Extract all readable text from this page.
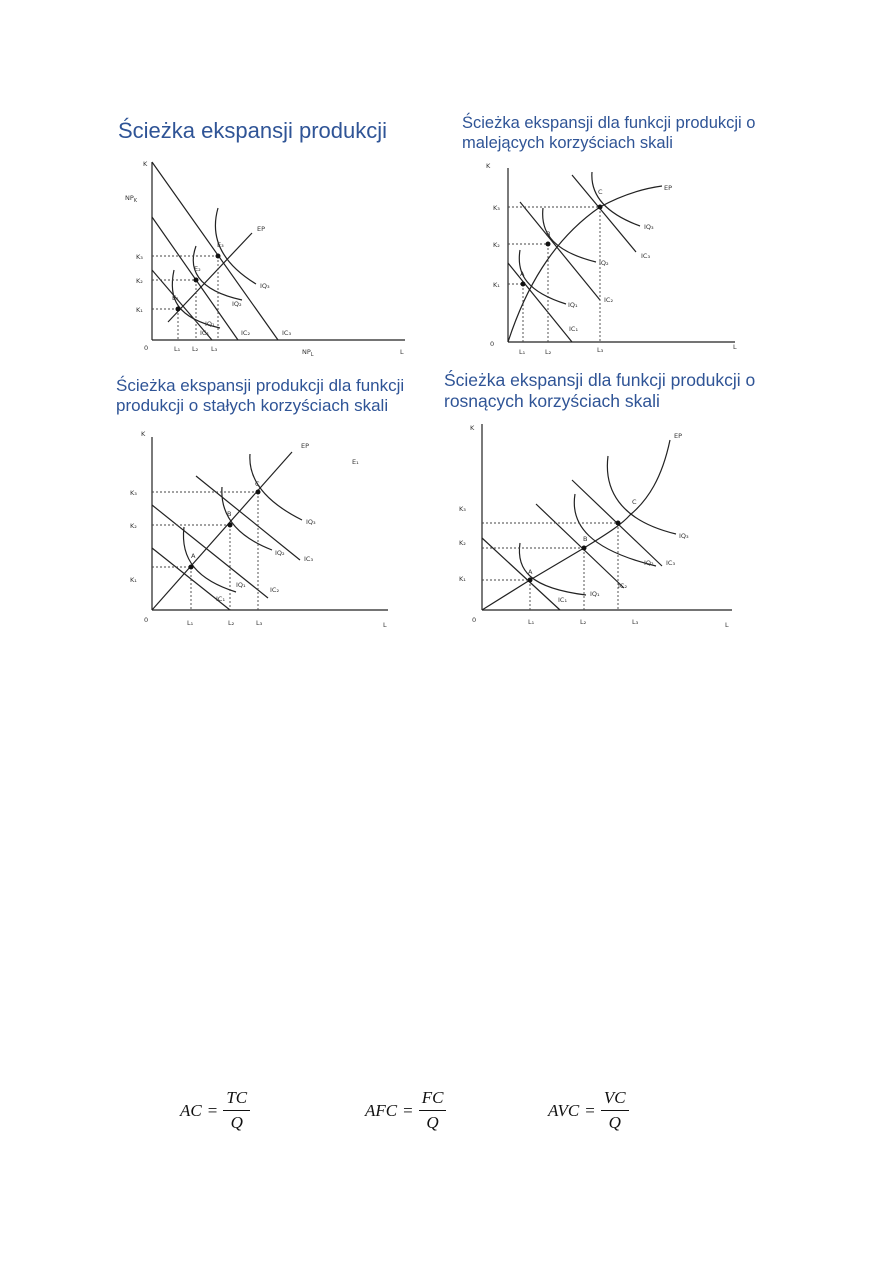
Ścieżka ekspansji produkcji	Ścieżka ekspansji dla funkcji produkcji o malejących korzyściach skali
Ścieżka ekspansji produkcji dla funkcji produkcji o stałych korzyściach skali
Ścieżka ekspansji dla funkcji produkcji o rosnących korzyściach skali
K
L
0
$NP_K$
$NP_L$
K₁
K₂
K₃
L₁ L₂ L₃
E₁
E₂
E₃
EP
IQ₁
IQ₂
IQ₃
IC₁	IC₂	IC₃
K
L
0
K₁
K₂
K₃
L₁	L₂	L₃
A
B
C	EP
IQ₁
IQ₂
IQ₃
IC₁
IC₂
IC₃
K
L
0
K₁
K₂
K₃
L₁	L₂	L₃
A
B
C
EP
E₁
IQ₁
IQ₂
IQ₃
IC₁
IC₂
IC₃
K
L
0
K₁
K₂
K₃
L₁	L₂	L₃
A
B
C
EP
IQ₁
IQ₂
IQ₃
IC₁
IC₂
IC₃
AC = $\frac{TC}{Q}$	AFC = $\frac{FC}{Q}$	AVC = $\frac{VC}{Q}$
